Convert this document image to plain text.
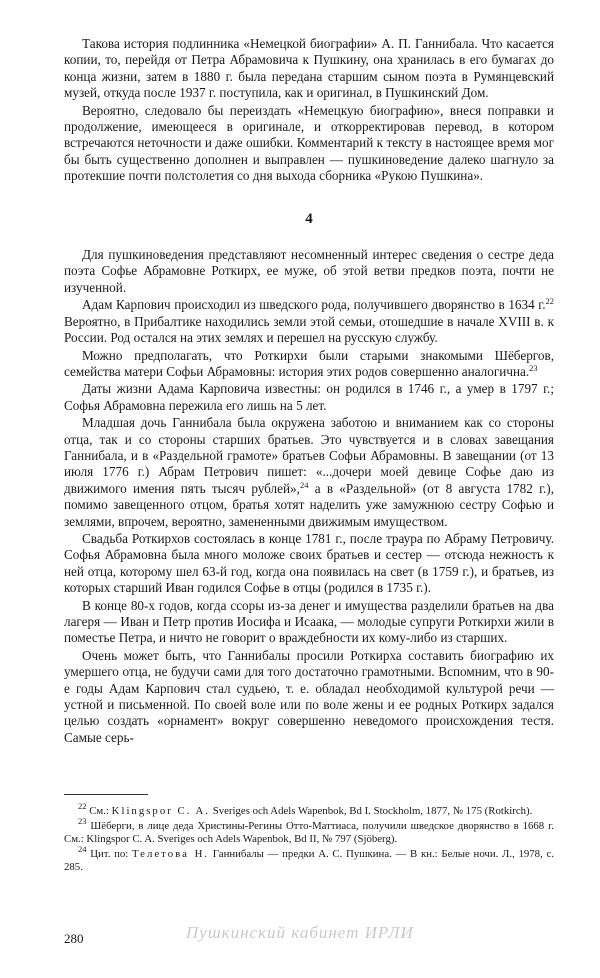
Такова история подлинника «Немецкой биографии» А. П. Ганнибала. Что касается копии, то, перейдя от Петра Абрамовича к Пушкину, она хранилась в его бумагах до конца жизни, затем в 1880 г. была передана старшим сыном поэта в Румянцевский музей, откуда после 1937 г. поступила, как и оригинал, в Пушкинский Дом.

Вероятно, следовало бы переиздать «Немецкую биографию», внеся поправки и продолжение, имеющееся в оригинале, и откорректировав перевод, в котором встречаются неточности и даже ошибки. Комментарий к тексту в настоящее время мог бы быть существенно дополнен и выправлен — пушкиноведение далеко шагнуло за протекшие почти полстолетия со дня выхода сборника «Рукою Пушкина».

4

Для пушкиноведения представляют несомненный интерес сведения о сестре деда поэта Софье Абрамовне Роткирх, ее муже, об этой ветви предков поэта, почти не изученной.

Адам Карпович происходил из шведского рода, получившего дворянство в 1634 г.$^{22}$ Вероятно, в Прибалтике находились земли этой семьи, отошедшие в начале XVIII в. к России. Род остался на этих землях и перешел на русскую службу.

Можно предполагать, что Роткирхи были старыми знакомыми Шёбергов, семейства матери Софьи Абрамовны: история этих родов совершенно аналогична.$^{23}$

Даты жизни Адама Карповича известны: он родился в 1746 г., а умер в 1797 г.; Софья Абрамовна пережила его лишь на 5 лет.

Младшая дочь Ганнибала была окружена заботою и вниманием как со стороны отца, так и со стороны старших братьев. Это чувствуется и в словах завещания Ганнибала, и в «Раздельной грамоте» братьев Софьи Абрамовны. В завещании (от 13 июля 1776 г.) Абрам Петрович пишет: «...дочери моей девице Софье даю из движимого имения пять тысяч рублей»,$^{24}$ а в «Раздельной» (от 8 августа 1782 г.), помимо завещенного отцом, братья хотят наделить уже замужнюю сестру Софью и землями, впрочем, вероятно, замененными движимым имуществом.

Свадьба Роткирхов состоялась в конце 1781 г., после траура по Абраму Петровичу. Софья Абрамовна была много моложе своих братьев и сестер — отсюда нежность к ней отца, которому шел 63-й год, когда она появилась на свет (в 1759 г.), и братьев, из которых старший Иван годился Софье в отцы (родился в 1735 г.).

В конце 80-х годов, когда ссоры из-за денег и имущества разделили братьев на два лагеря — Иван и Петр против Иосифа и Исаака, — молодые супруги Роткирхи жили в поместье Петра, и ничто не говорит о враждебности их кому-либо из старших.

Очень может быть, что Ганнибалы просили Роткирха составить биографию их умершего отца, не будучи сами для того достаточно грамотными. Вспомним, что в 90-е годы Адам Карпович стал судьею, т. е. обладал необходимой культурой речи — устной и письменной. По своей воле или по воле жены и ее родных Роткирх задался целью создать «орнамент» вокруг совершенно неведомого происхождения тестя. Самые серь-

$^{22}$ См.: Klingspor C. A. Sveriges och Adels Wapenbok, Bd I. Stockholm, 1877, № 175 (Rotkirch).

$^{23}$ Шёберги, в лице деда Христины-Регины Отто-Маттиаса, получили шведское дворянство в 1668 г. См.: Klingspor C. A. Sveriges och Adels Wapenbok, Bd II, № 797 (Sjöberg).

$^{24}$ Цит. по: Телетова Н. Ганнибалы — предки А. С. Пушкина. — В кн.: Белые ночи. Л., 1978, с. 285.

280	Пушкинский кабинет ИРЛИ
